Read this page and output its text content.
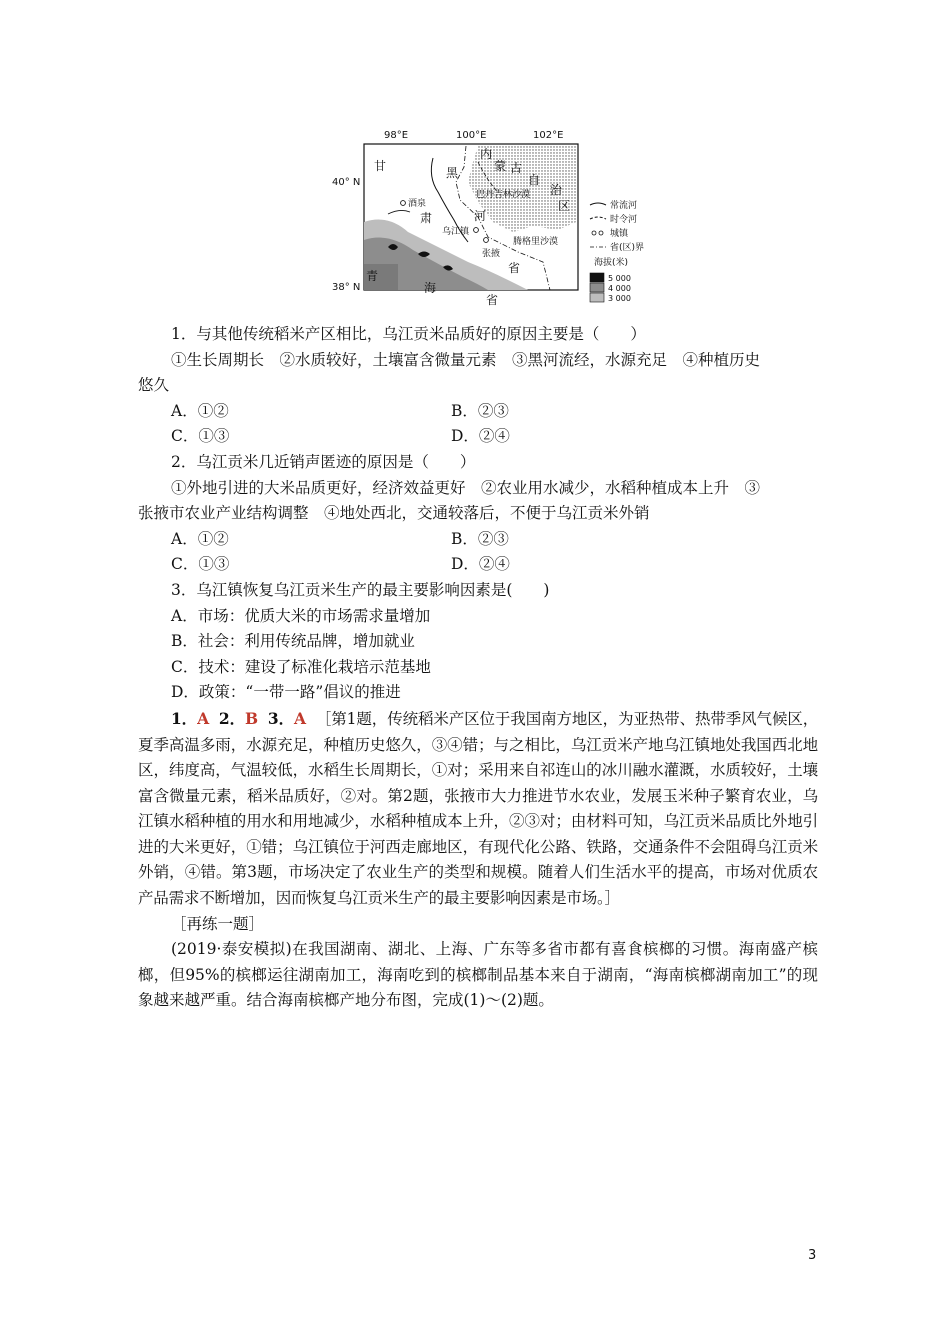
98°E	100°E	102°E
40° N
38° N
甘	黑
内
蒙 古
自
治
区
巴丹吉林沙漠
酒泉
肃	河
乌江镇
张掖
腾格里沙漠
省
青
海
省
常流河
时令河
城镇
省(区)界
海拔(米)
5 000
4 000
3 000
1．与其他传统稻米产区相比，乌江贡米品质好的原因主要是（　　）
①生长周期长　②水质较好，土壤富含微量元素　③黑河流经，水源充足　④种植历史
悠久
A．①②	B．②③
C．①③	D．②④
2．乌江贡米几近销声匿迹的原因是（　　）
①外地引进的大米品质更好，经济效益更好　②农业用水减少，水稻种植成本上升　③
张掖市农业产业结构调整　④地处西北，交通较落后，不便于乌江贡米外销
A．①②	B．②③
C．①③	D．②④
3．乌江镇恢复乌江贡米生产的最主要影响因素是(　　)
A．市场：优质大米的市场需求量增加
B．社会：利用传统品牌，增加就业
C．技术：建设了标准化栽培示范基地
D．政策：“一带一路”倡议的推进
1．A 2．B 3．A ［第1题，传统稻米产区位于我国南方地区，为亚热带、热带季风气候区，夏季高温多雨，水源充足，种植历史悠久，③④错；与之相比，乌江贡米产地乌江镇地处我国西北地区，纬度高，气温较低，水稻生长周期长，①对；采用来自祁连山的冰川融水灌溉，水质较好，土壤富含微量元素，稻米品质好，②对。第2题，张掖市大力推进节水农业，发展玉米种子繁育农业，乌江镇水稻种植的用水和用地减少，水稻种植成本上升，②③对；由材料可知，乌江贡米品质比外地引进的大米更好，①错；乌江镇位于河西走廊地区，有现代化公路、铁路，交通条件不会阻碍乌江贡米外销，④错。第3题，市场决定了农业生产的类型和规模。随着人们生活水平的提高，市场对优质农产品需求不断增加，因而恢复乌江贡米生产的最主要影响因素是市场。］
［再练一题］
(2019·泰安模拟)在我国湖南、湖北、上海、广东等多省市都有喜食槟榔的习惯。海南盛产槟榔，但95%的槟榔运往湖南加工，海南吃到的槟榔制品基本来自于湖南，“海南槟榔湖南加工”的现象越来越严重。结合海南槟榔产地分布图，完成(1)～(2)题。
3
